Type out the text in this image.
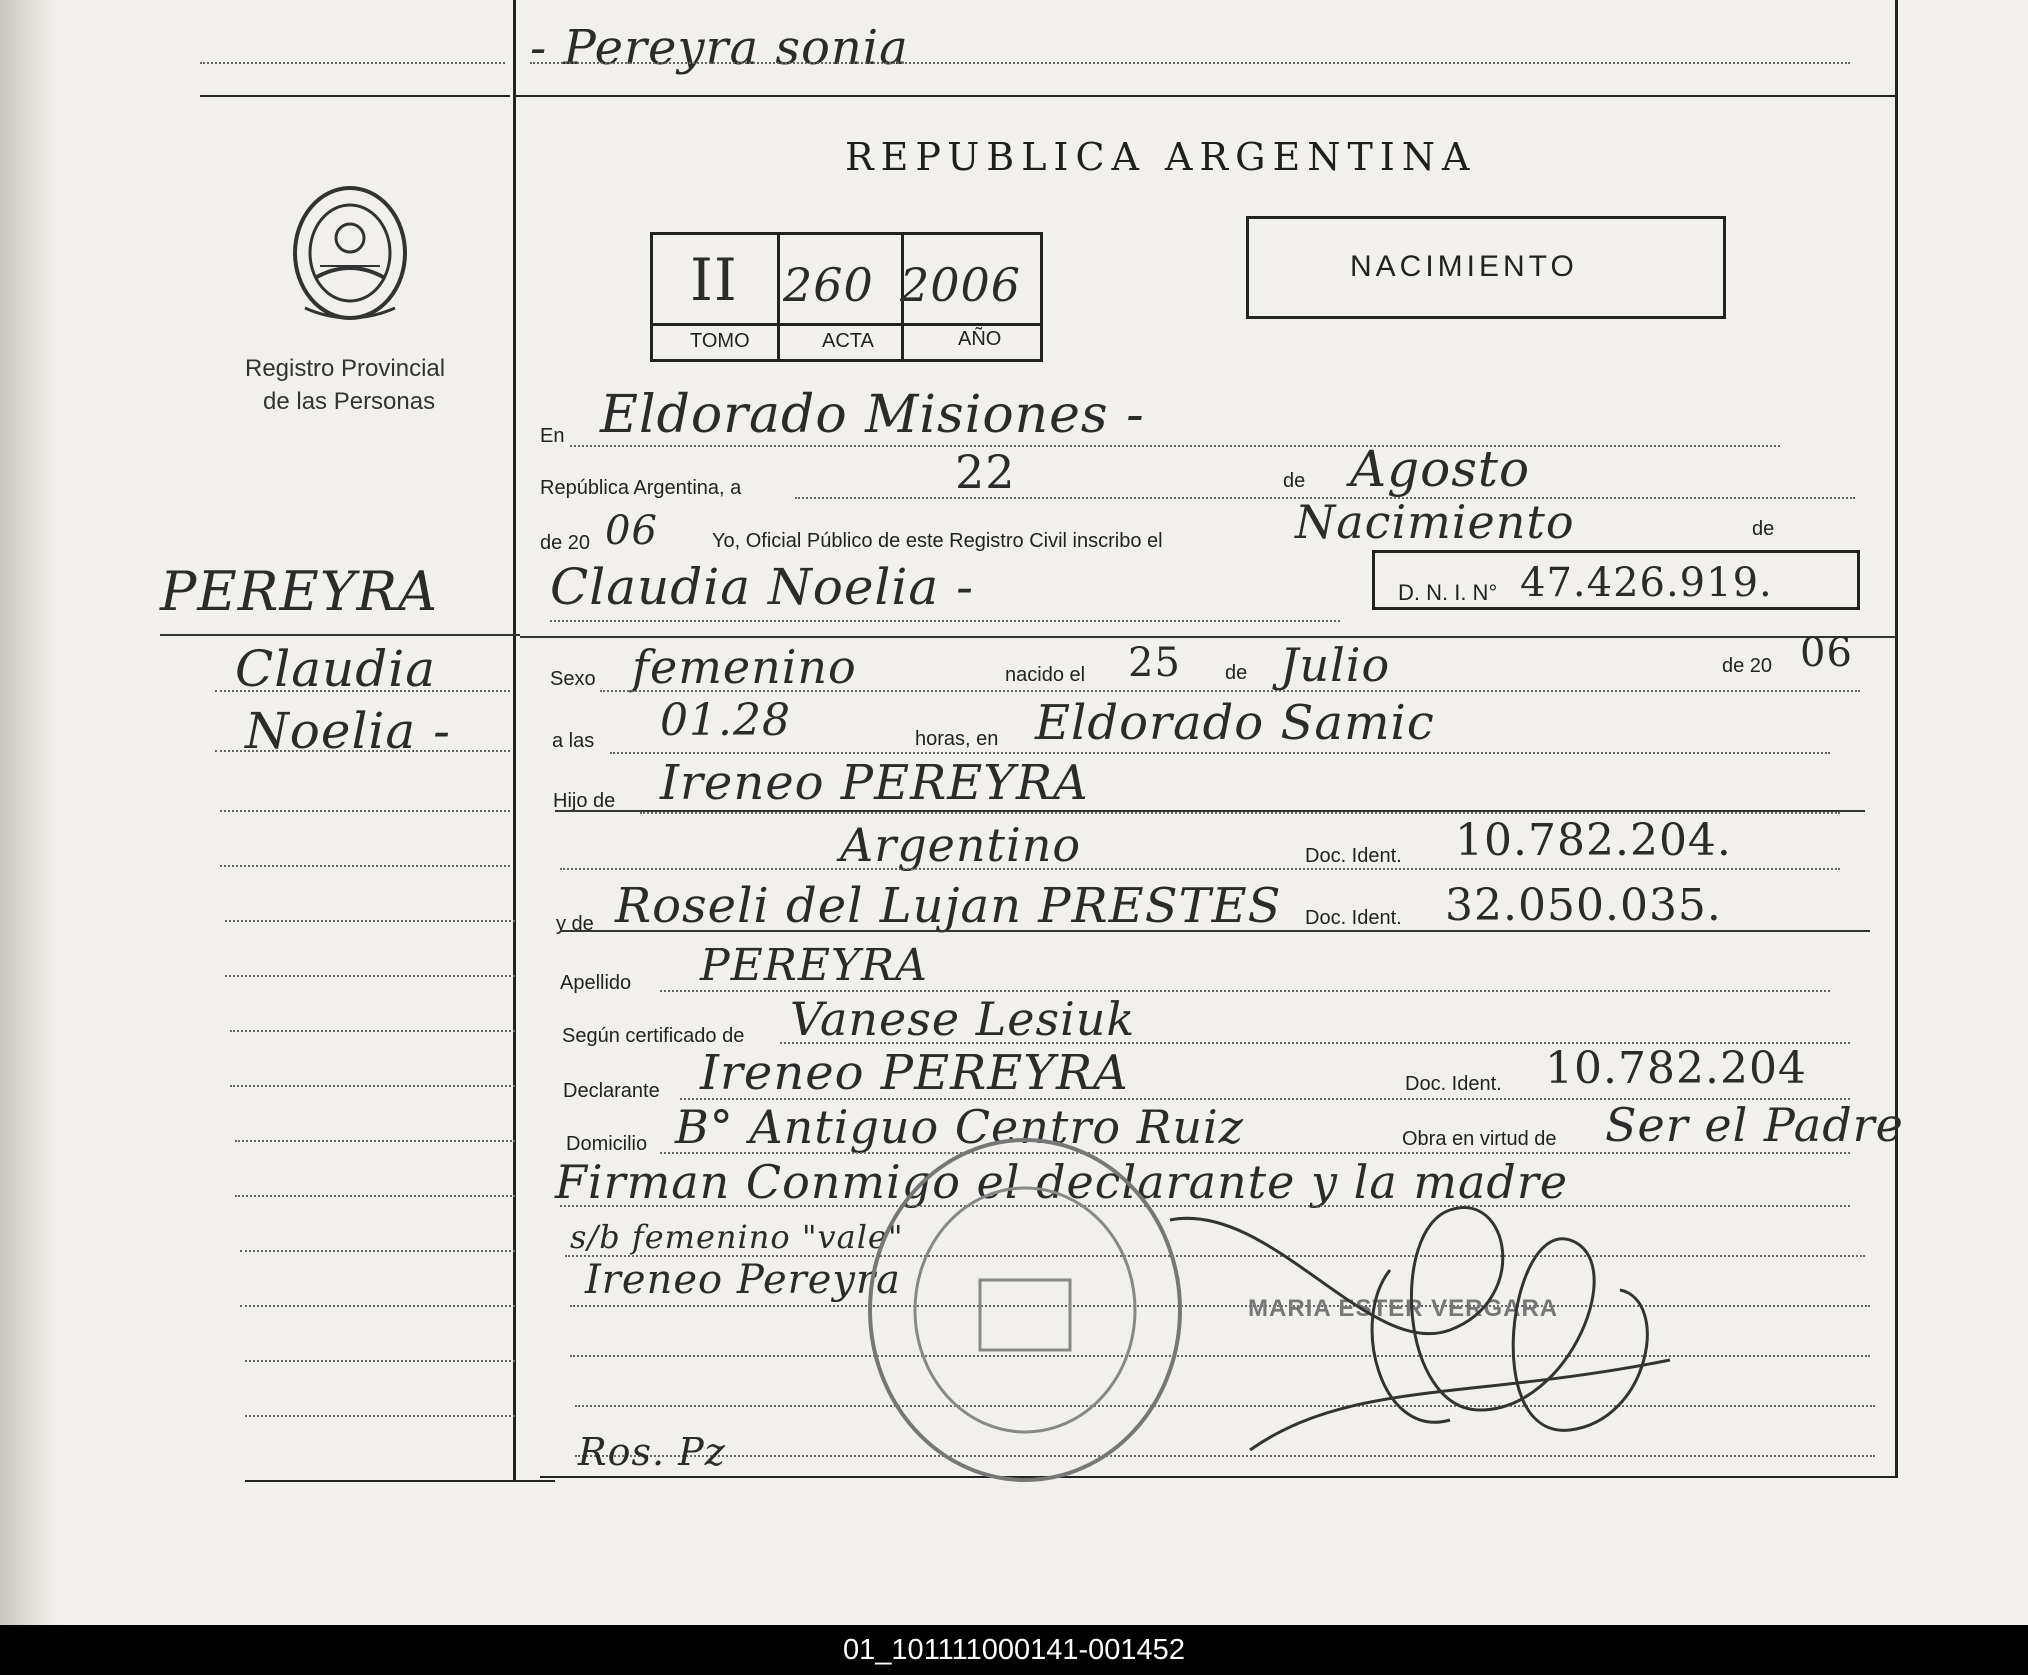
- Pereyra sonia
Registro Provincial
de las Personas
REPUBLICA ARGENTINA
II 260 2006
TOMO	ACTA	AÑO
NACIMIENTO
PEREYRA
Claudia
Noelia -
En Eldorado Misiones -
República Argentina, a	22	de Agosto
de 20 06	Yo, Oficial Público de este Registro Civil inscribo el	Nacimiento	de
Claudia Noelia -	D. N. I. N° 47.426.919.
Sexo femenino	nacido el 25 de Julio	de 20 06
a las 01.28	horas, en Eldorado Samic
Hijo de Ireneo PEREYRA
Argentino	Doc. Ident. 10.782.204.
y de Roseli del Lujan PRESTES Doc. Ident. 32.050.035.
Apellido PEREYRA
Según certificado de Vanese Lesiuk
Declarante Ireneo PEREYRA	Doc. Ident. 10.782.204
Domicilio B° Antiguo Centro Ruiz	Obra en virtud de Ser el Padre
Firman Conmigo el declarante y la madre
s/b femenino "vale"
Ireneo Pereyra
Ros. Pz
MARIA ESTER VERGARA
01_101111000141-001452
